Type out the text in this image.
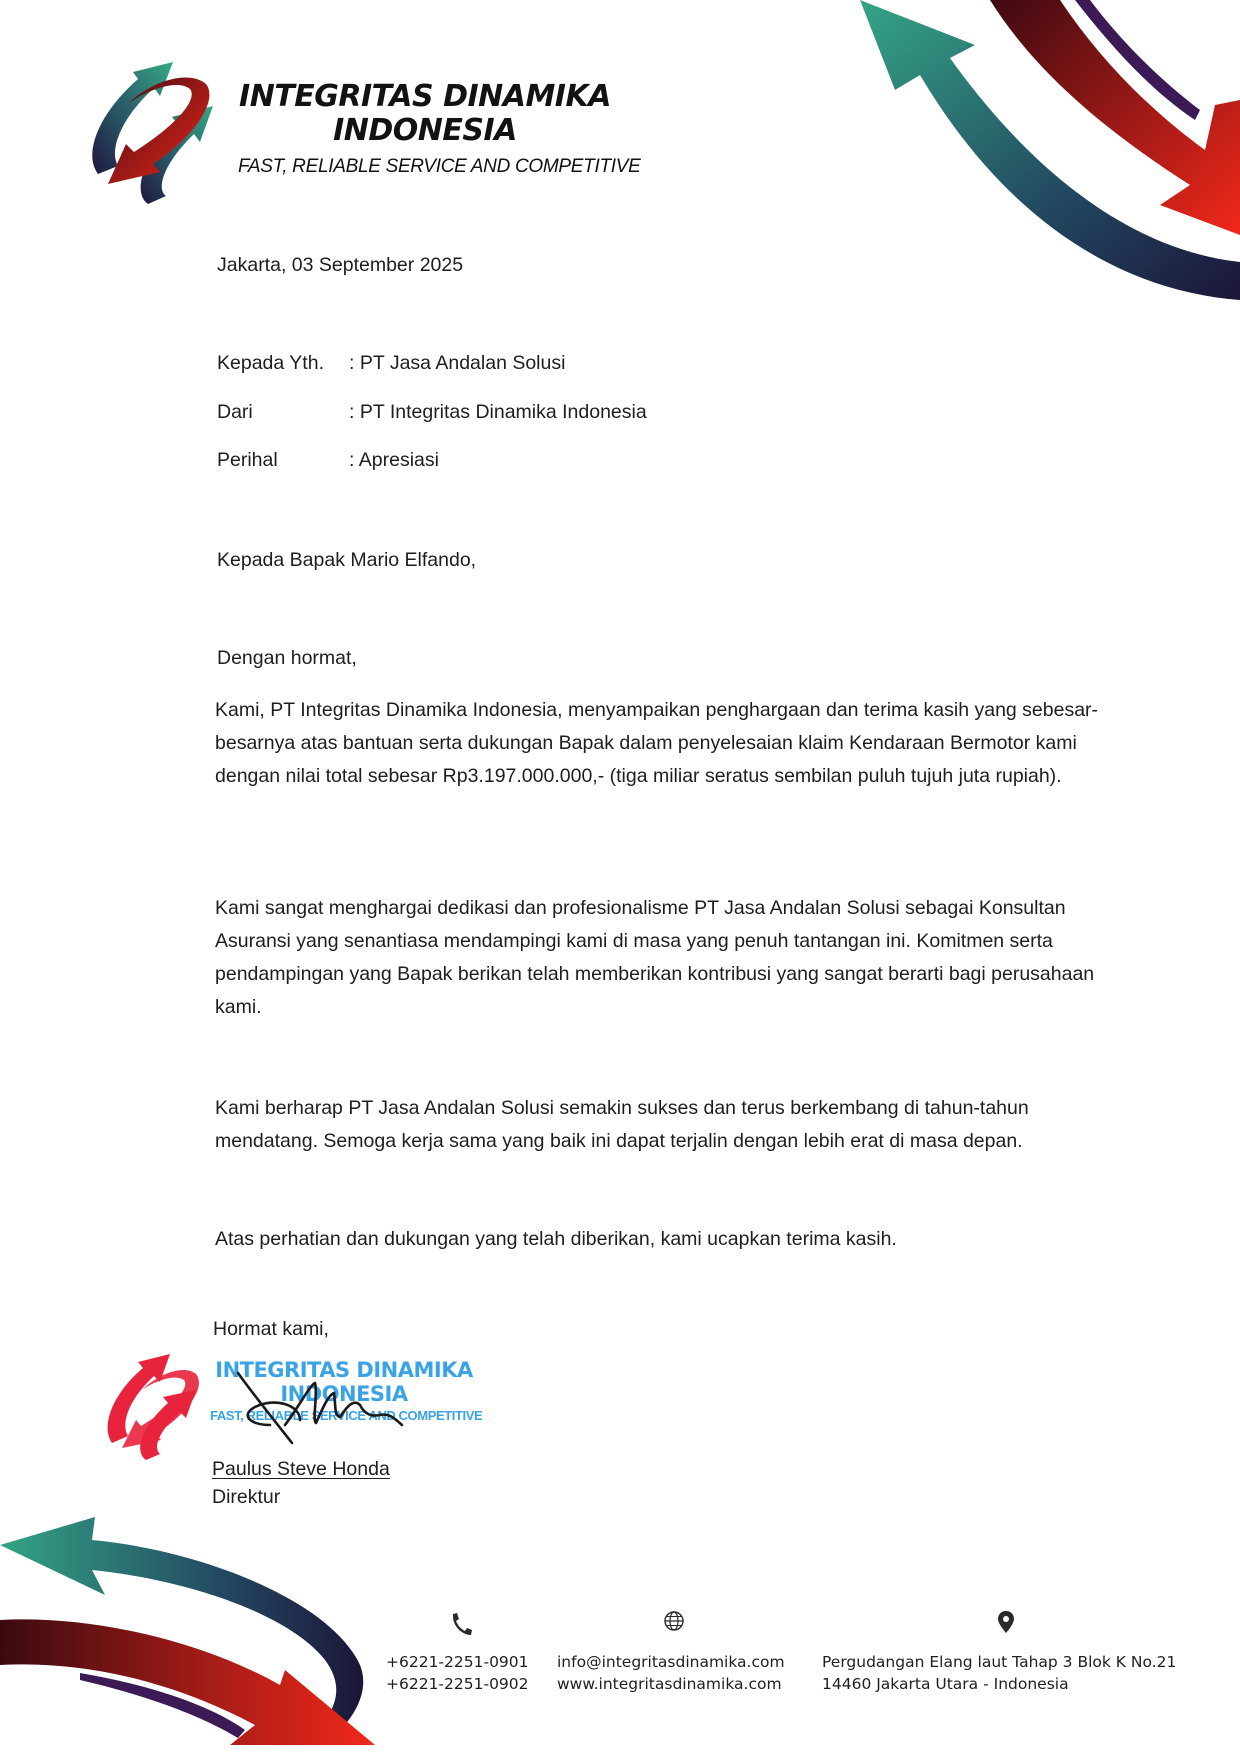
INTEGRITAS DINAMIKA
INDONESIA
FAST, RELIABLE SERVICE AND COMPETITIVE
Jakarta, 03 September 2025
Kepada Yth. : PT Jasa Andalan Solusi
Dari	: PT Integritas Dinamika Indonesia
Perihal	: Apresiasi
Kepada Bapak Mario Elfando,
Dengan hormat,
Kami, PT Integritas Dinamika Indonesia, menyampaikan penghargaan dan terima kasih yang sebesar-besarnya atas bantuan serta dukungan Bapak dalam penyelesaian klaim Kendaraan Bermotor kami dengan nilai total sebesar Rp3.197.000.000,- (tiga miliar seratus sembilan puluh tujuh juta rupiah).
Kami sangat menghargai dedikasi dan profesionalisme PT Jasa Andalan Solusi sebagai Konsultan Asuransi yang senantiasa mendampingi kami di masa yang penuh tantangan ini. Komitmen serta pendampingan yang Bapak berikan telah memberikan kontribusi yang sangat berarti bagi perusahaan kami.
Kami berharap PT Jasa Andalan Solusi semakin sukses dan terus berkembang di tahun-tahun mendatang. Semoga kerja sama yang baik ini dapat terjalin dengan lebih erat di masa depan.
Atas perhatian dan dukungan yang telah diberikan, kami ucapkan terima kasih.
Hormat kami,
INTEGRITAS DINAMIKA
INDONESIA
FAST, RELIABLE SERVICE AND COMPETITIVE
Paulus Steve Honda
Direktur
+6221-2251-0901
+6221-2251-0902
info@integritasdinamika.com
www.integritasdinamika.com
Pergudangan Elang laut Tahap 3 Blok K No.21
14460 Jakarta Utara - Indonesia
